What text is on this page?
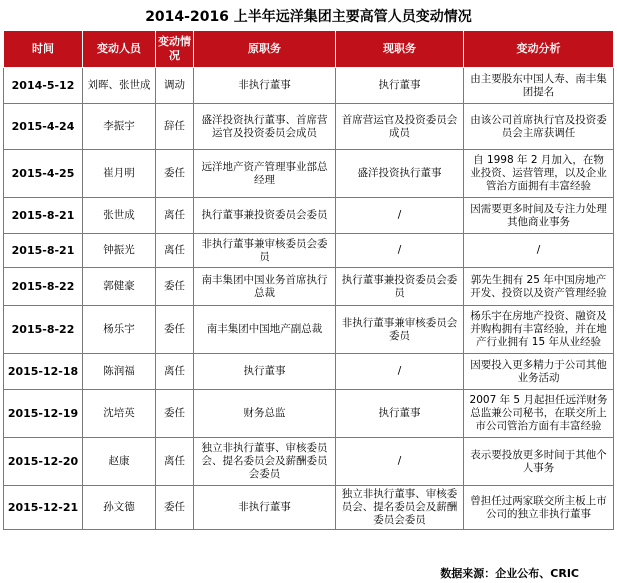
2014-2016 上半年远洋集团主要高管人员变动情况
时间	变动人员	变动情况	原职务	现职务	变动分析
2014-5-12	刘晖、张世成	调动	非执行董事	执行董事	由主要股东中国人寿、南丰集团提名
2015-4-24	李振宇	辞任	盛洋投资执行董事、首席营运官及投资委员会成员	首席营运官及投资委员会成员	由该公司首席执行官及投资委员会主席获调任
2015-4-25	崔月明	委任	远洋地产资产管理事业部总经理	盛洋投资执行董事	自 1998 年 2 月加入，在物业投资、运营管理，以及企业管治方面拥有丰富经验
2015-8-21	张世成	离任	执行董事兼投资委员会委员	/	因需要更多时间及专注力处理其他商业事务
2015-8-21	钟振光	离任	非执行董事兼审核委员会委员	/	/
2015-8-22	郭健豪	委任	南丰集团中国业务首席执行总裁	执行董事兼投资委员会委员	郭先生拥有 25 年中国房地产开发、投资以及资产管理经验
2015-8-22	杨乐宇	委任	南丰集团中国地产副总裁	非执行董事兼审核委员会委员	杨乐宇在房地产投资、融资及并购构拥有丰富经验，并在地产行业拥有 15 年从业经验
2015-12-18	陈润福	离任	执行董事	/	因要投入更多精力于公司其他业务活动
2015-12-19	沈培英	委任	财务总监	执行董事	2007 年 5 月起担任远洋财务总监兼公司秘书，在联交所上市公司管治方面有丰富经验
2015-12-20	赵康	离任	独立非执行董事、审核委员会、提名委员会及薪酬委员会委员	/	表示要投放更多时间于其他个人事务
2015-12-21	孙文德	委任	非执行董事	独立非执行董事、审核委员会、提名委员会及薪酬委员会委员	曾担任过两家联交所主板上市公司的独立非执行董事
数据来源：企业公布、CRIC
